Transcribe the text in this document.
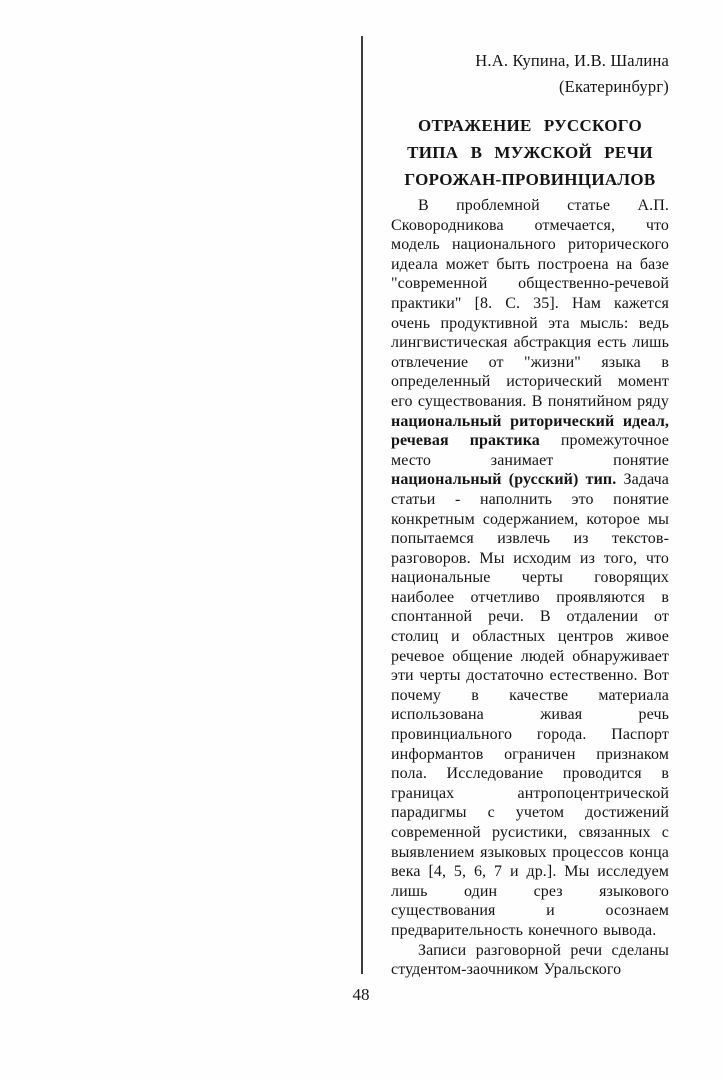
Н.А. Купина, И.В. Шалина
(Екатеринбург)
ОТРАЖЕНИЕ РУССКОГО
ТИПА В МУЖСКОЙ РЕЧИ
ГОРОЖАН-ПРОВИНЦИАЛОВ

В проблемной статье А.П. Сковородникова отмечается, что модель национального риторического идеала может быть построена на базе "современной общественно-речевой практики" [8. С. 35]. Нам кажется очень продуктивной эта мысль: ведь лингвистическая абстракция есть лишь отвлечение от "жизни" языка в определенный исторический момент его существования. В понятийном ряду национальный риторический идеал, речевая практика промежуточное место занимает понятие национальный (русский) тип. Задача статьи - наполнить это понятие конкретным содержанием, которое мы попытаемся извлечь из текстов-разговоров. Мы исходим из того, что национальные черты говорящих наиболее отчетливо проявляются в спонтанной речи. В отдалении от столиц и областных центров живое речевое общение людей обнаруживает эти черты достаточно естественно. Вот почему в качестве материала использована живая речь провинциального города. Паспорт информантов ограничен признаком пола. Исследование проводится в границах антропоцентрической парадигмы с учетом достижений современной русистики, связанных с выявлением языковых процессов конца века [4, 5, 6, 7 и др.]. Мы исследуем лишь один срез языкового существования и осознаем предварительность конечного вывода.

Записи разговорной речи сделаны студентом-заочником Уральского

48
